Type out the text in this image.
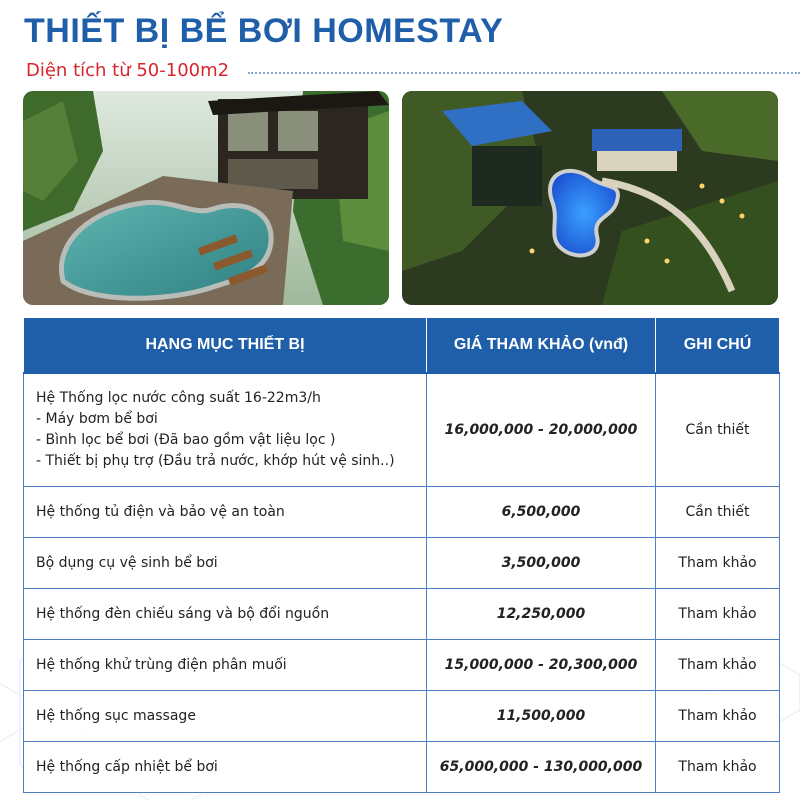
THIẾT BỊ BỂ BƠI HOMESTAY

Diện tích từ 50-100m2

HẠNG MỤC THIẾT BỊ	GIÁ THAM KHẢO (vnđ)	GHI CHÚ

Hệ Thống lọc nước công suất 16-22m3/h
- Máy bơm bể bơi
- Bình lọc bể bơi (Đã bao gồm vật liệu lọc )
- Thiết bị phụ trợ (Đầu trả nước, khớp hút vệ sinh..)	16,000,000 - 20,000,000	Cần thiết
Hệ thống tủ điện và bảo vệ an toàn	6,500,000	Cần thiết
Bộ dụng cụ vệ sinh bể bơi	3,500,000	Tham khảo
Hệ thống đèn chiếu sáng và bộ đổi nguồn	12,250,000	Tham khảo
Hệ thống khử trùng điện phân muối	15,000,000 - 20,300,000	Tham khảo
Hệ thống sục massage	11,500,000	Tham khảo
Hệ thống cấp nhiệt bể bơi	65,000,000 - 130,000,000	Tham khảo
